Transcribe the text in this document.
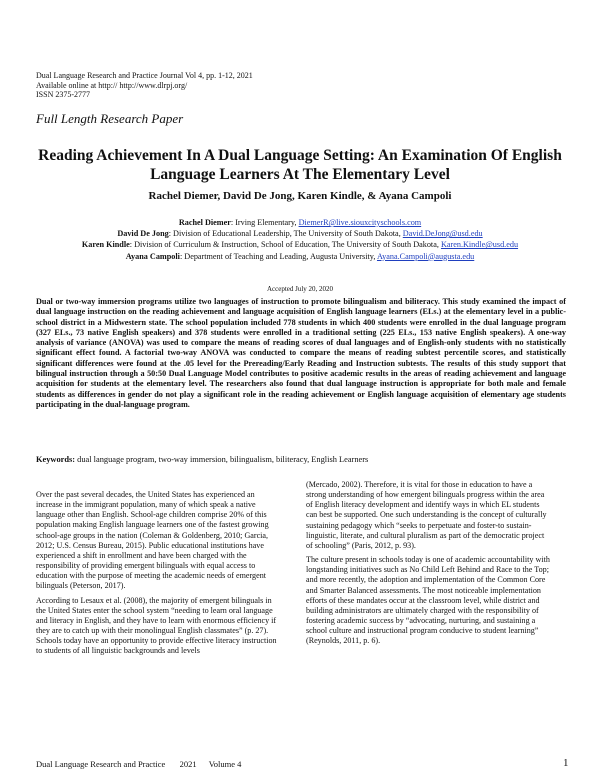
Dual Language Research and Practice Journal Vol 4, pp. 1-12, 2021
Available online at http:// http://www.dlrpj.org/
ISSN 2375-2777
Full Length Research Paper
Reading Achievement In A Dual Language Setting: An Examination Of English Language Learners At The Elementary Level
Rachel Diemer, David De Jong, Karen Kindle, & Ayana Campoli
Rachel Diemer: Irving Elementary, DiemerR@live.siouxcityschools.com
David De Jong: Division of Educational Leadership, The University of South Dakota, David.DeJong@usd.edu
Karen Kindle: Division of Curriculum & Instruction, School of Education, The University of South Dakota, Karen.Kindle@usd.edu
Ayana Campoli: Department of Teaching and Leading, Augusta University, Ayana.Campoli@augusta.edu
Accepted July 20, 2020
Dual or two-way immersion programs utilize two languages of instruction to promote bilingualism and biliteracy. This study examined the impact of dual language instruction on the reading achievement and language acquisition of English language learners (ELs.) at the elementary level in a public-school district in a Midwestern state. The school population included 778 students in which 400 students were enrolled in the dual language program (327 ELs., 73 native English speakers) and 378 students were enrolled in a traditional setting (225 ELs., 153 native English speakers). A one-way analysis of variance (ANOVA) was used to compare the means of reading scores of dual languages and of English-only students with no statistically significant effect found. A factorial two-way ANOVA was conducted to compare the means of reading subtest percentile scores, and statistically significant differences were found at the .05 level for the Prereading/Early Reading and Instruction subtests. The results of this study support that bilingual instruction through a 50:50 Dual Language Model contributes to positive academic results in the areas of reading achievement and language acquisition for students at the elementary level. The researchers also found that dual language instruction is appropriate for both male and female students as differences in gender do not play a significant role in the reading achievement or English language acquisition of elementary age students participating in the dual-language program.
Keywords: dual language program, two-way immersion, bilingualism, biliteracy, English Learners

Over the past several decades, the United States has experienced an increase in the immigrant population, many of which speak a native language other than English. School-age children comprise 20% of this population making English language learners one of the fastest growing school-age groups in the nation (Coleman & Goldenberg, 2010; Garcia, 2012; U.S. Census Bureau, 2015). Public educational institutions have experienced a shift in enrollment and have been charged with the responsibility of providing emergent bilinguals with equal access to education with the purpose of meeting the academic needs of emergent bilinguals (Peterson, 2017).

According to Lesaux et al. (2008), the majority of emergent bilinguals in the United States enter the school system “needing to learn oral language and literacy in English, and they have to learn with enormous efficiency if they are to catch up with their monolingual English classmates” (p. 27). Schools today have an opportunity to provide effective literacy instruction to students of all linguistic backgrounds and levels

(Mercado, 2002). Therefore, it is vital for those in education to have a strong understanding of how emergent bilinguals progress within the area of English literacy development and identify ways in which EL students can best be supported. One such understanding is the concept of culturally sustaining pedagogy which “seeks to perpetuate and foster-to sustain-linguistic, literate, and cultural pluralism as part of the democratic project of schooling” (Paris, 2012, p. 93).

The culture present in schools today is one of academic accountability with longstanding initiatives such as No Child Left Behind and Race to the Top; and more recently, the adoption and implementation of the Common Core and Smarter Balanced assessments. The most noticeable implementation efforts of these mandates occur at the classroom level, while district and building administrators are ultimately charged with the responsibility of fostering academic success by “advocating, nurturing, and sustaining a school culture and instructional program conducive to student learning” (Reynolds, 2011, p. 6).

Dual Language Research and Practice 2021 Volume 4	1
